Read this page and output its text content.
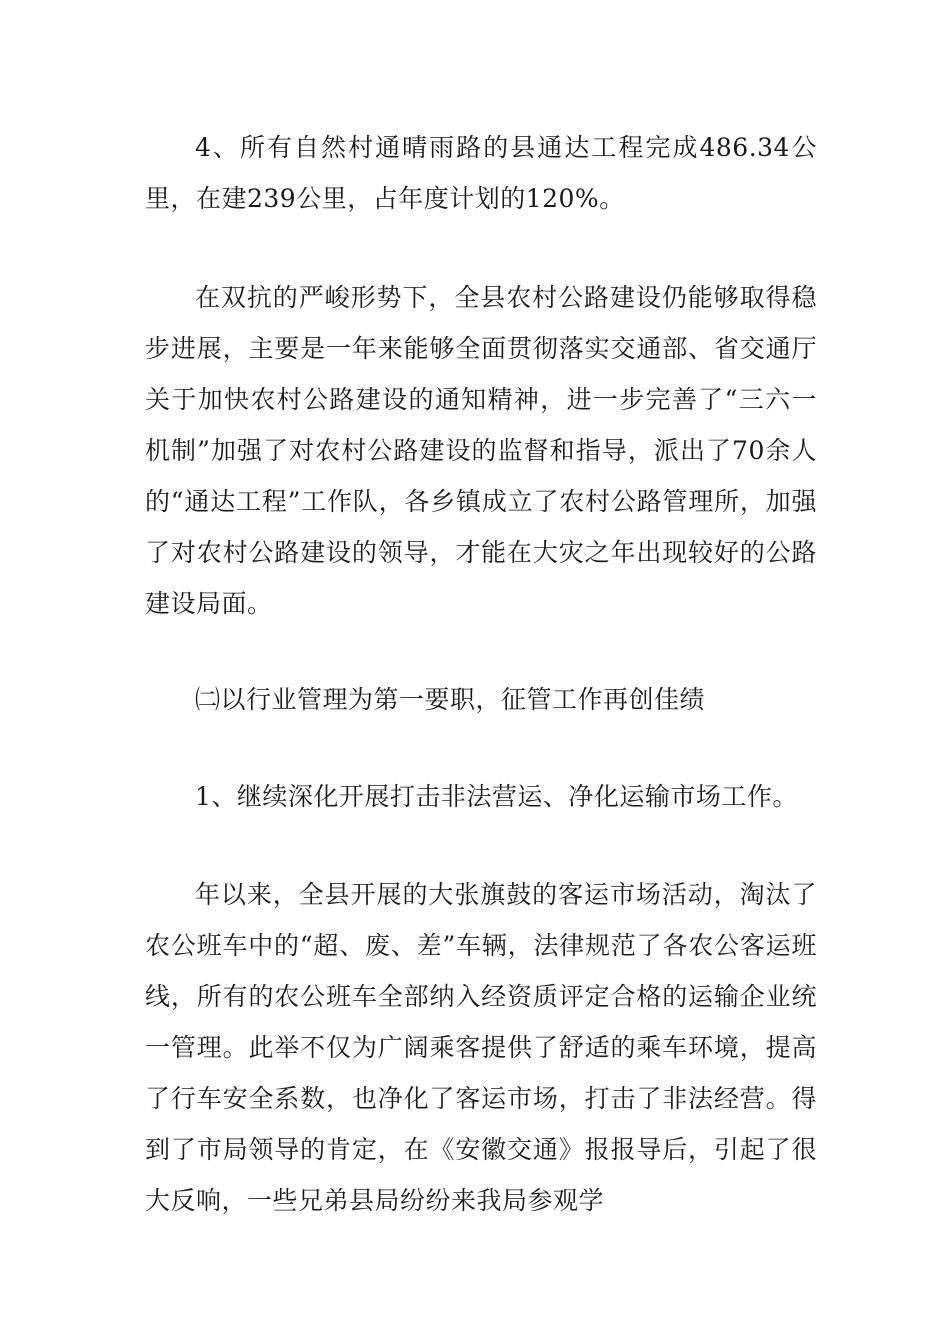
4、所有自然村通晴雨路的县通达工程完成486.34公里，在建239公里，占年度计划的120%。

在双抗的严峻形势下，全县农村公路建设仍能够取得稳步进展，主要是一年来能够全面贯彻落实交通部、省交通厅关于加快农村公路建设的通知精神，进一步完善了“三六一机制”加强了对农村公路建设的监督和指导，派出了70余人的“通达工程”工作队，各乡镇成立了农村公路管理所，加强了对农村公路建设的领导，才能在大灾之年出现较好的公路建设局面。

㈡以行业管理为第一要职，征管工作再创佳绩

1、继续深化开展打击非法营运、净化运输市场工作。

年以来，全县开展的大张旗鼓的客运市场活动，淘汰了农公班车中的“超、废、差”车辆，法律规范了各农公客运班线，所有的农公班车全部纳入经资质评定合格的运输企业统一管理。此举不仅为广阔乘客提供了舒适的乘车环境，提高了行车安全系数，也净化了客运市场，打击了非法经营。得到了市局领导的肯定，在《安徽交通》报报导后，引起了很大反响，一些兄弟县局纷纷来我局参观学
